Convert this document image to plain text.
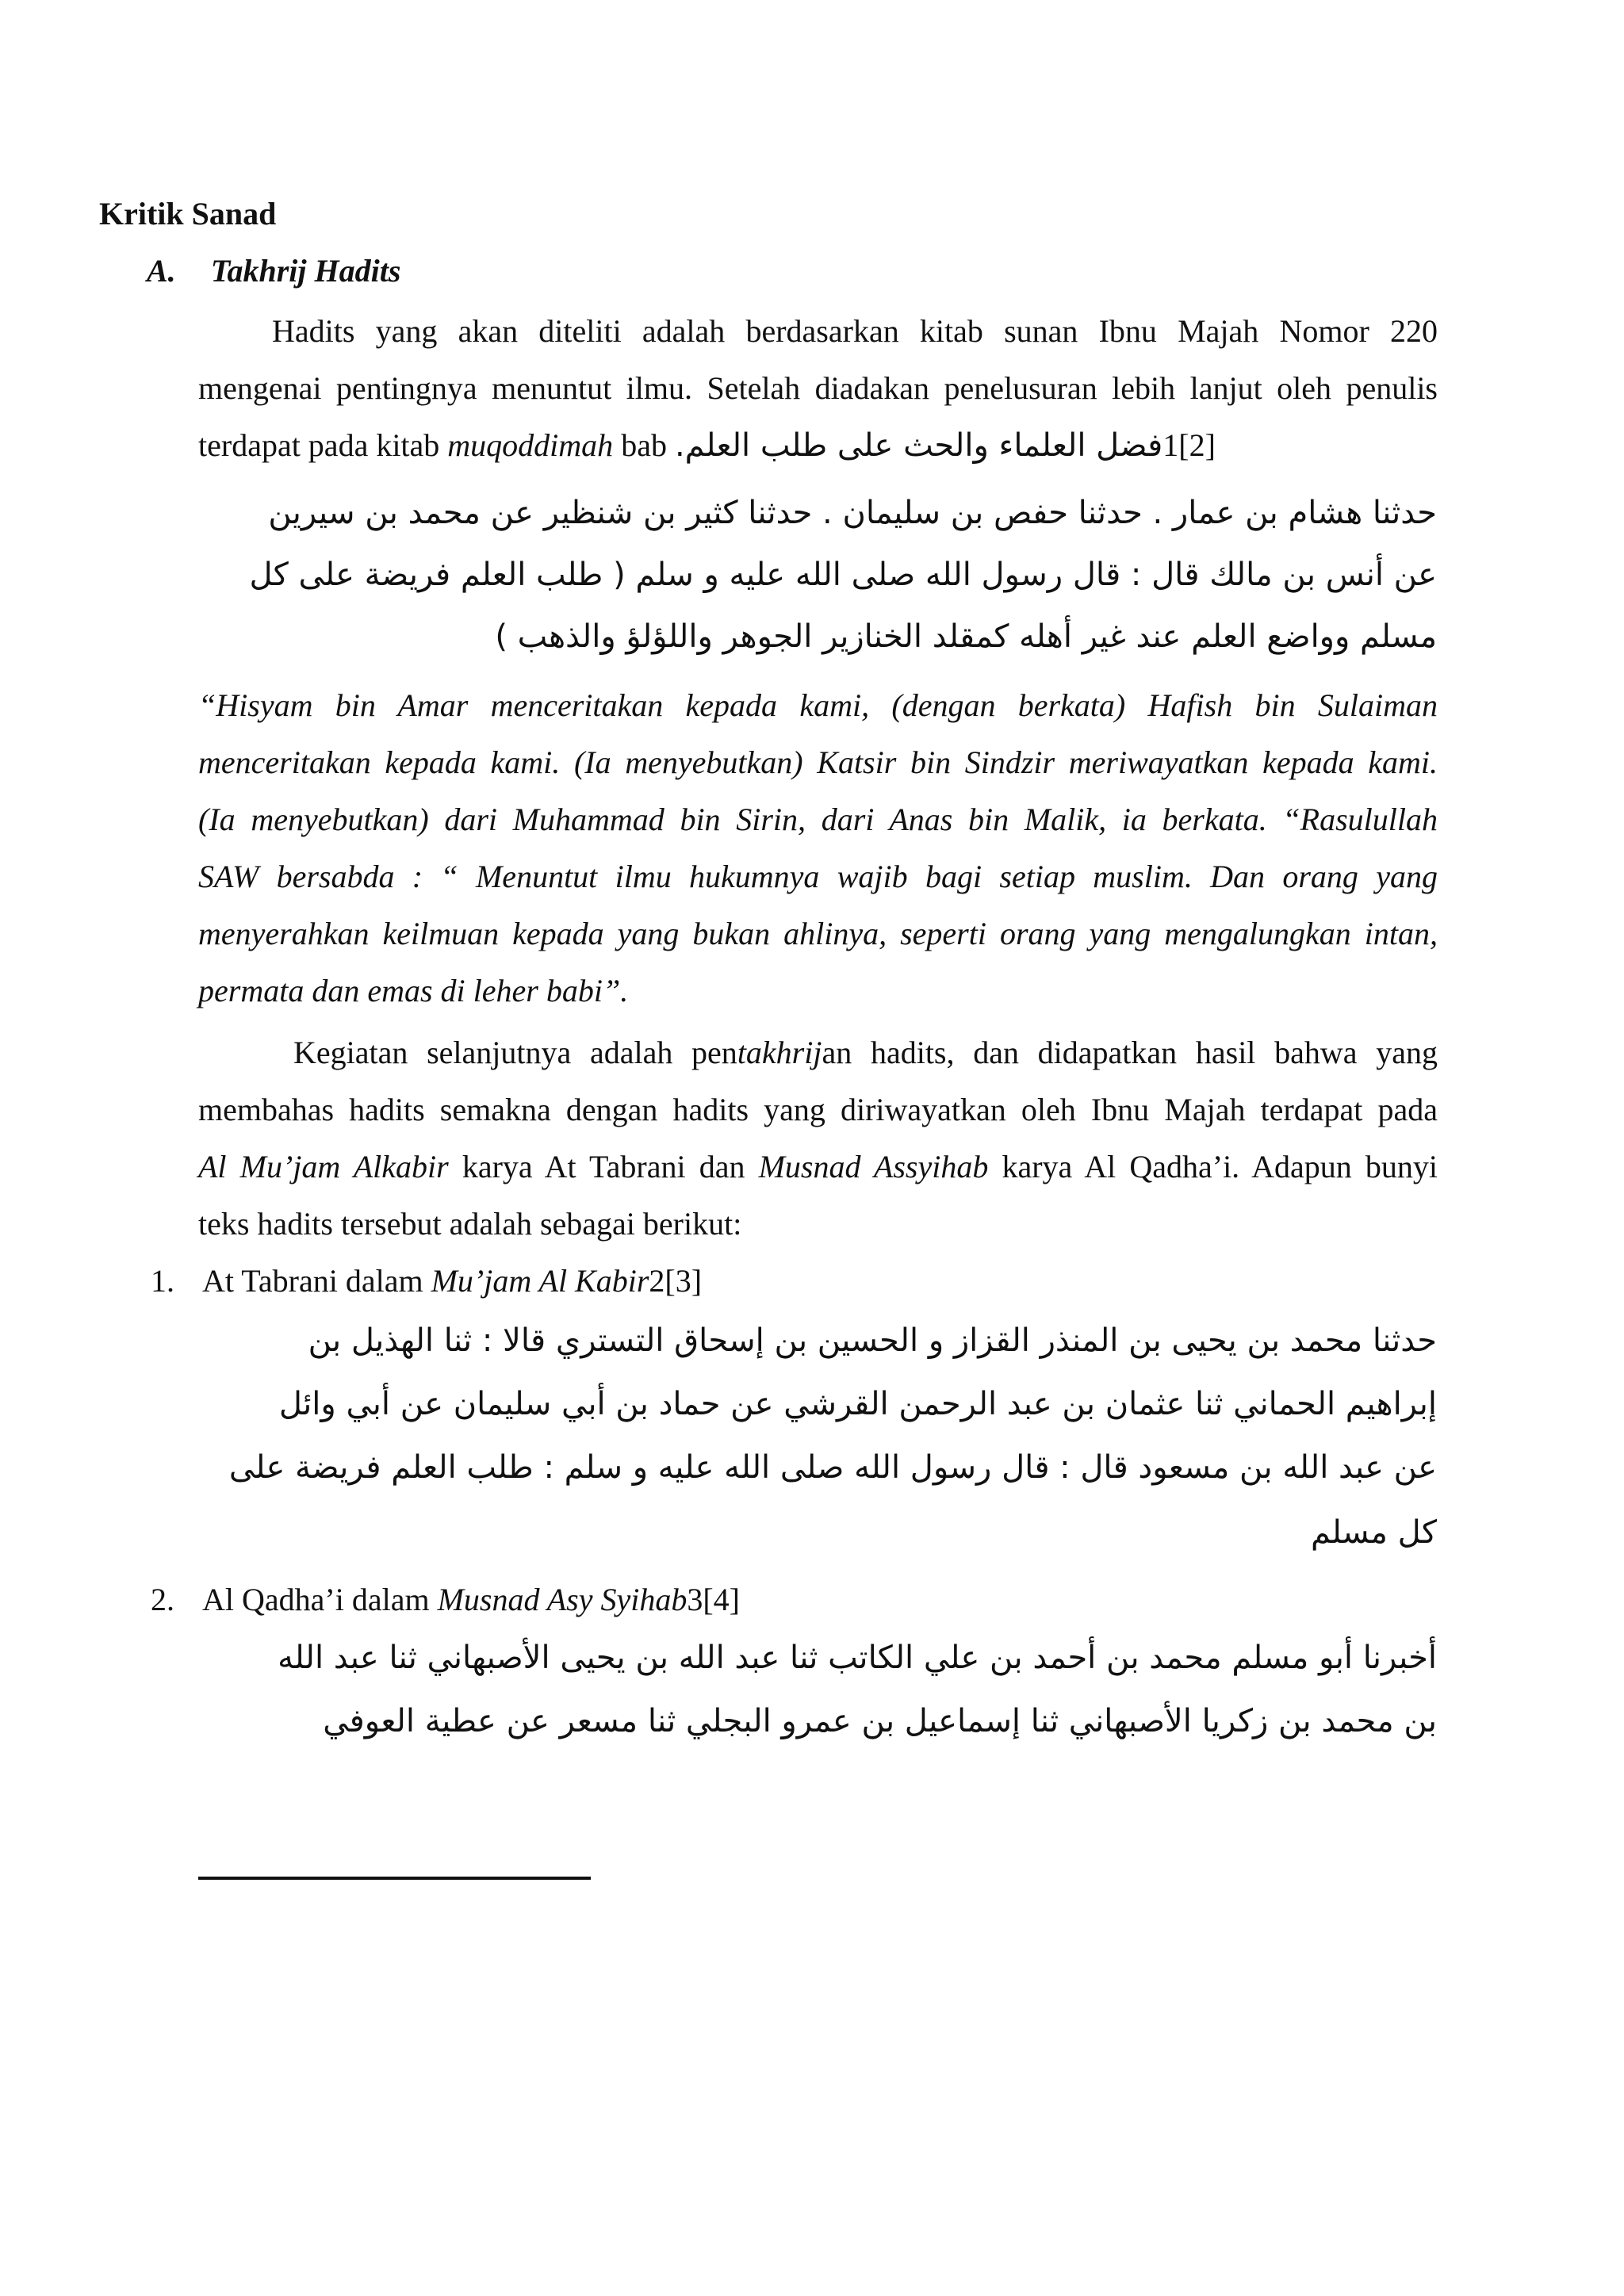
Kritik Sanad
A. Takhrij Hadits
Hadits yang akan diteliti adalah berdasarkan kitab sunan Ibnu Majah Nomor 220
mengenai pentingnya menuntut ilmu. Setelah diadakan penelusuran lebih lanjut oleh penulis
terdapat pada kitab muqoddimah bab فضل العلماء والحث على طلب العلم.1[2]
حدثنا هشام بن عمار . حدثنا حفص بن سليمان . حدثنا كثير بن شنظير عن محمد بن سيرين
عن أنس بن مالك قال : قال رسول الله صلى الله عليه و سلم ( طلب العلم فريضة على كل
مسلم وواضع العلم عند غير أهله كمقلد الخنازير الجوهر واللؤلؤ والذهب )
“Hisyam bin Amar menceritakan kepada kami, (dengan berkata) Hafish bin Sulaiman
menceritakan kepada kami. (Ia menyebutkan) Katsir bin Sindzir meriwayatkan kepada kami.
(Ia menyebutkan) dari Muhammad bin Sirin, dari Anas bin Malik, ia berkata. “Rasulullah
SAW bersabda : “ Menuntut ilmu hukumnya wajib bagi setiap muslim. Dan orang yang
menyerahkan keilmuan kepada yang bukan ahlinya, seperti orang yang mengalungkan intan,
permata dan emas di leher babi”.
Kegiatan selanjutnya adalah pentakhrijan hadits, dan didapatkan hasil bahwa yang
membahas hadits semakna dengan hadits yang diriwayatkan oleh Ibnu Majah terdapat pada
Al Mu’jam Alkabir karya At Tabrani dan Musnad Assyihab karya Al Qadha’i. Adapun bunyi
teks hadits tersebut adalah sebagai berikut:
1. At Tabrani dalam Mu’jam Al Kabir2[3]
حدثنا محمد بن يحيى بن المنذر القزاز و الحسين بن إسحاق التستري قالا : ثنا الهذيل بن
إبراهيم الحماني ثنا عثمان بن عبد الرحمن القرشي عن حماد بن أبي سليمان عن أبي وائل
عن عبد الله بن مسعود قال : قال رسول الله صلى الله عليه و سلم : طلب العلم فريضة على
كل مسلم
2. Al Qadha’i dalam Musnad Asy Syihab3[4]
أخبرنا أبو مسلم محمد بن أحمد بن علي الكاتب ثنا عبد الله بن يحيى الأصبهاني ثنا عبد الله
بن محمد بن زكريا الأصبهاني ثنا إسماعيل بن عمرو البجلي ثنا مسعر عن عطية العوفي
